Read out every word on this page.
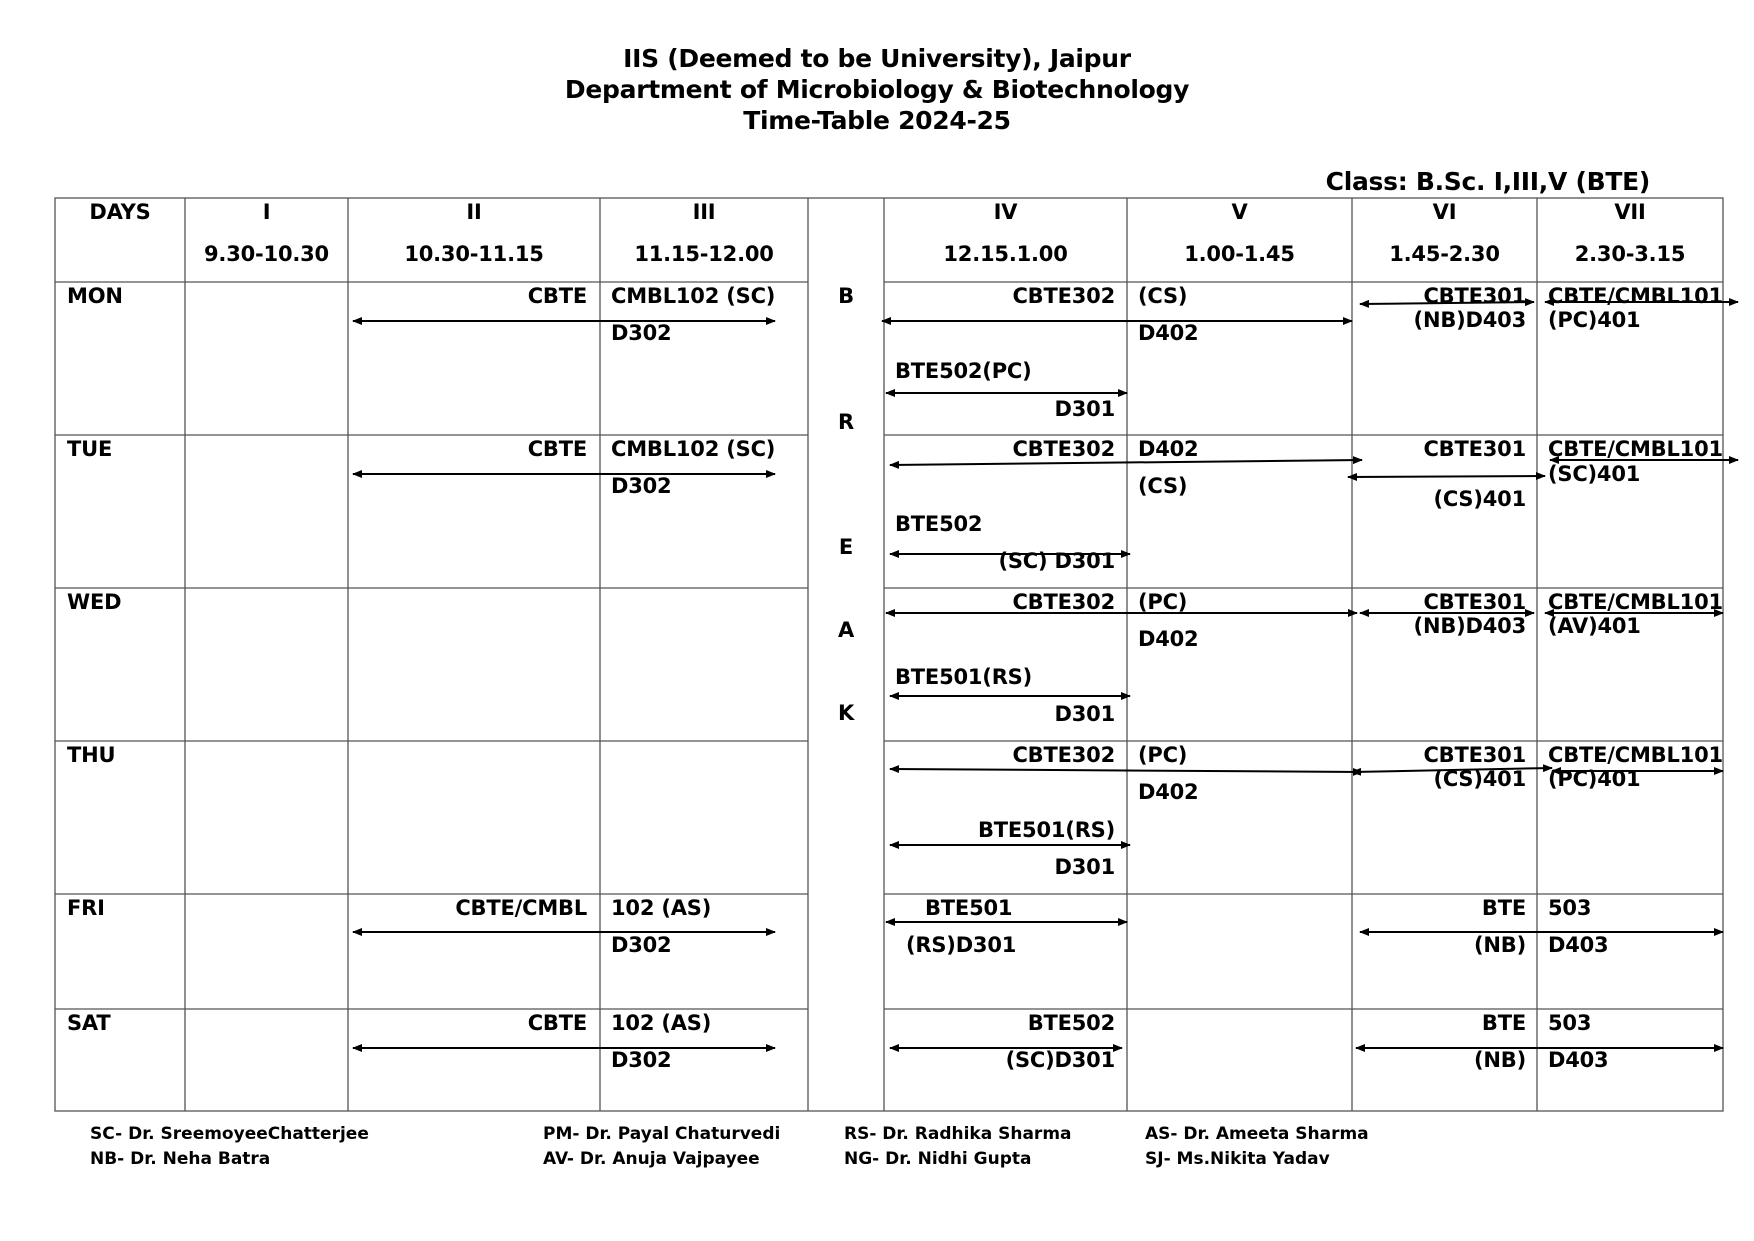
IIS (Deemed to be University), Jaipur
Department of Microbiology & Biotechnology
Time-Table 2024-25
Class: B.Sc. I,III,V (BTE)
DAYS	I
9.30-10.30
II
10.30-11.15
III
11.15-12.00
IV
12.15.1.00
V
1.00-1.45
VI
1.45-2.30
VII
2.30-3.15
B
R
E
A
K
MON
TUE
WED
THU
FRI
SAT
CBTE CMBL102 (SC)
D302
CBTE302 (CS)
D402
BTE502(PC)
D301
CBTE301
(NB)D403
CBTE/CMBL101
(PC)401
CBTE CMBL102 (SC)
D302
CBTE302 D402
(CS)
BTE502
(SC) D301
CBTE301
(CS)401
CBTE/CMBL101
(SC)401
CBTE302 (PC)
D402
BTE501(RS)
D301
CBTE301
(NB)D403
CBTE/CMBL101
(AV)401
CBTE302 (PC)
D402
BTE501(RS)
D301
CBTE301
(CS)401
CBTE/CMBL101
(PC)401
CBTE/CMBL 102 (AS)
D302
BTE501
(RS)D301
BTE
(NB)
503
D403
CBTE 102 (AS)
D302
BTE502
(SC)D301
BTE
(NB)
503
D403
SC- Dr. SreemoyeeChatterjee
NB- Dr. Neha Batra
PM- Dr. Payal Chaturvedi
AV- Dr. Anuja Vajpayee
RS- Dr. Radhika Sharma
NG- Dr. Nidhi Gupta
AS- Dr. Ameeta Sharma
SJ- Ms.Nikita Yadav
